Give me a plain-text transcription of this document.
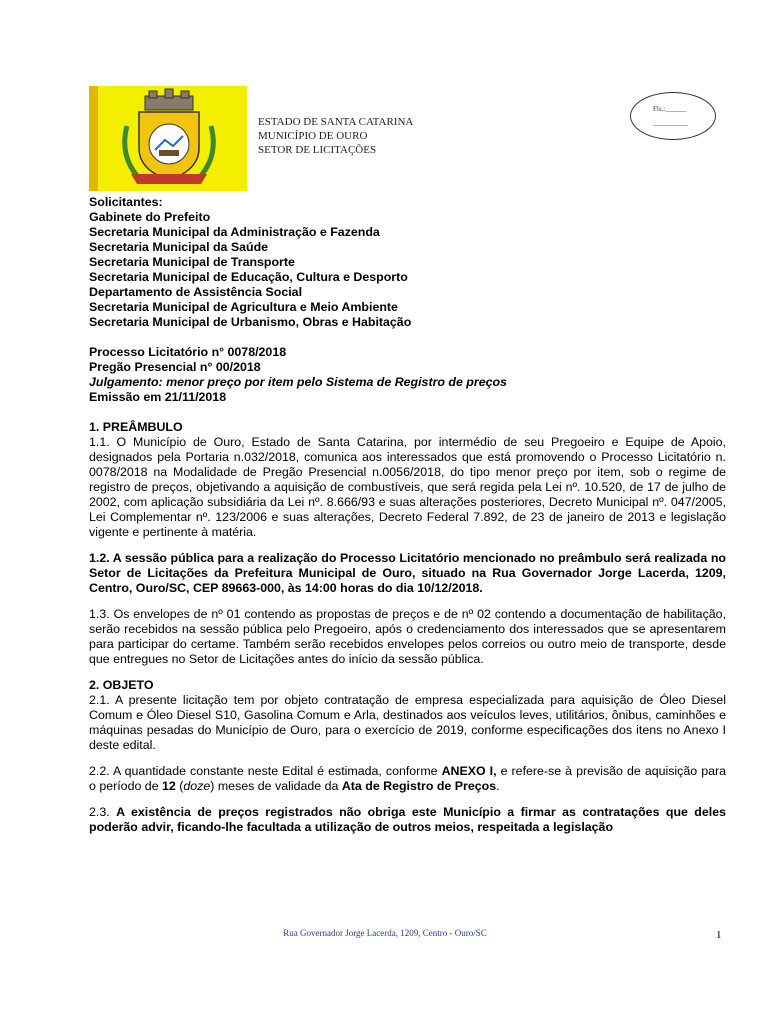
ESTADO DE SANTA CATARINA
MUNICÍPIO DE OURO
SETOR DE LICITAÇÕES
Fls.:______
__________

Solicitantes:

Gabinete do Prefeito

Secretaria Municipal da Administração e Fazenda

Secretaria Municipal da Saúde

Secretaria Municipal de Transporte

Secretaria Municipal de Educação, Cultura e Desporto

Departamento de Assistência Social

Secretaria Municipal de Agricultura e Meio Ambiente

Secretaria Municipal de Urbanismo, Obras e Habitação

Processo Licitatório n° 0078/2018

Pregão Presencial n° 00/2018

Julgamento: menor preço por item pelo Sistema de Registro de preços

Emissão em 21/11/2018

1. PREÂMBULO

1.1. O Município de Ouro, Estado de Santa Catarina, por intermédio de seu Pregoeiro e Equipe de Apoio, designados pela Portaria n.032/2018, comunica aos interessados que está promovendo o Processo Licitatório n. 0078/2018 na Modalidade de Pregão Presencial n.0056/2018, do tipo menor preço por item, sob o regime de registro de preços, objetivando a aquisição de combustíveis, que será regida pela Lei nº. 10.520, de 17 de julho de 2002, com aplicação subsidiária da Lei nº. 8.666/93 e suas alterações posteriores, Decreto Municipal nº. 047/2005, Lei Complementar nº. 123/2006 e suas alterações, Decreto Federal 7.892, de 23 de janeiro de 2013 e legislação vigente e pertinente à matéria.

1.2. A sessão pública para a realização do Processo Licitatório mencionado no preâmbulo será realizada no Setor de Licitações da Prefeitura Municipal de Ouro, situado na Rua Governador Jorge Lacerda, 1209, Centro, Ouro/SC, CEP 89663-000, às 14:00 horas do dia 10/12/2018.

1.3. Os envelopes de nº 01 contendo as propostas de preços e de nº 02 contendo a documentação de habilitação, serão recebidos na sessão pública pelo Pregoeiro, após o credenciamento dos interessados que se apresentarem para participar do certame. Também serão recebidos envelopes pelos correios ou outro meio de transporte, desde que entregues no Setor de Licitações antes do início da sessão pública.

2. OBJETO

2.1. A presente licitação tem por objeto contratação de empresa especializada para aquisição de Óleo Diesel Comum e Óleo Diesel S10, Gasolina Comum e Arla, destinados aos veículos leves, utilitários, ônibus, caminhões e máquinas pesadas do Município de Ouro, para o exercício de 2019, conforme especificações dos itens no Anexo I deste edital.

2.2. A quantidade constante neste Edital é estimada, conforme ANEXO I, e refere-se à previsão de aquisição para o período de 12 (doze) meses de validade da Ata de Registro de Preços.

2.3. A existência de preços registrados não obriga este Município a firmar as contratações que deles poderão advir, ficando-lhe facultada a utilização de outros meios, respeitada a legislação

Rua Governador Jorge Lacerda, 1209, Centro - Ouro/SC	1
